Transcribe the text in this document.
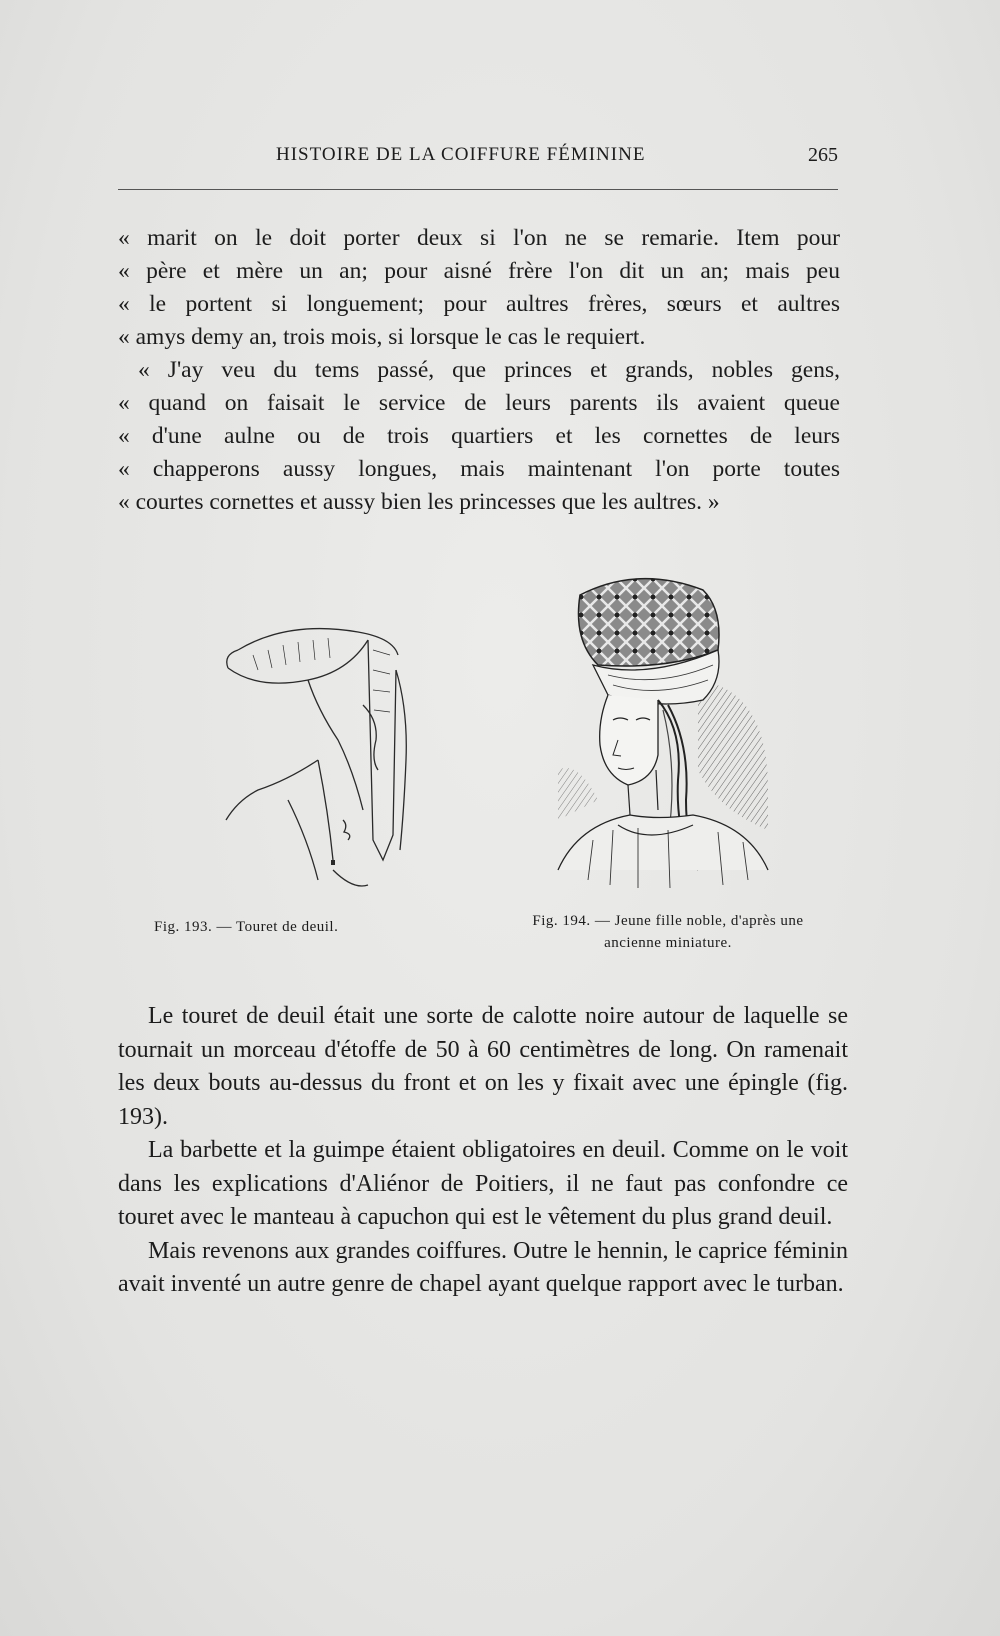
HISTOIRE DE LA COIFFURE FÉMININE	265

« marit on le doit porter deux si l'on ne se remarie. Item pour

« père et mère un an; pour aisné frère l'on dit un an; mais peu

« le portent si longuement; pour aultres frères, sœurs et aultres

« amys demy an, trois mois, si lorsque le cas le requiert.

« J'ay veu du tems passé, que princes et grands, nobles gens,

« quand on faisait le service de leurs parents ils avaient queue

« d'une aulne ou de trois quartiers et les cornettes de leurs

« chapperons aussy longues, mais maintenant l'on porte toutes

« courtes cornettes et aussy bien les princesses que les aultres. »

Fig. 193. — Touret de deuil.	Fig. 194. — Jeune fille noble, d'après une
ancienne miniature.

Le touret de deuil était une sorte de calotte noire autour de laquelle se tournait un morceau d'étoffe de 50 à 60 centimètres de long. On ramenait les deux bouts au-dessus du front et on les y fixait avec une épingle (fig. 193).

La barbette et la guimpe étaient obligatoires en deuil. Comme on le voit dans les explications d'Aliénor de Poitiers, il ne faut pas confondre ce touret avec le manteau à capuchon qui est le vêtement du plus grand deuil.

Mais revenons aux grandes coiffures. Outre le hennin, le caprice féminin avait inventé un autre genre de chapel ayant quelque rapport avec le turban.
